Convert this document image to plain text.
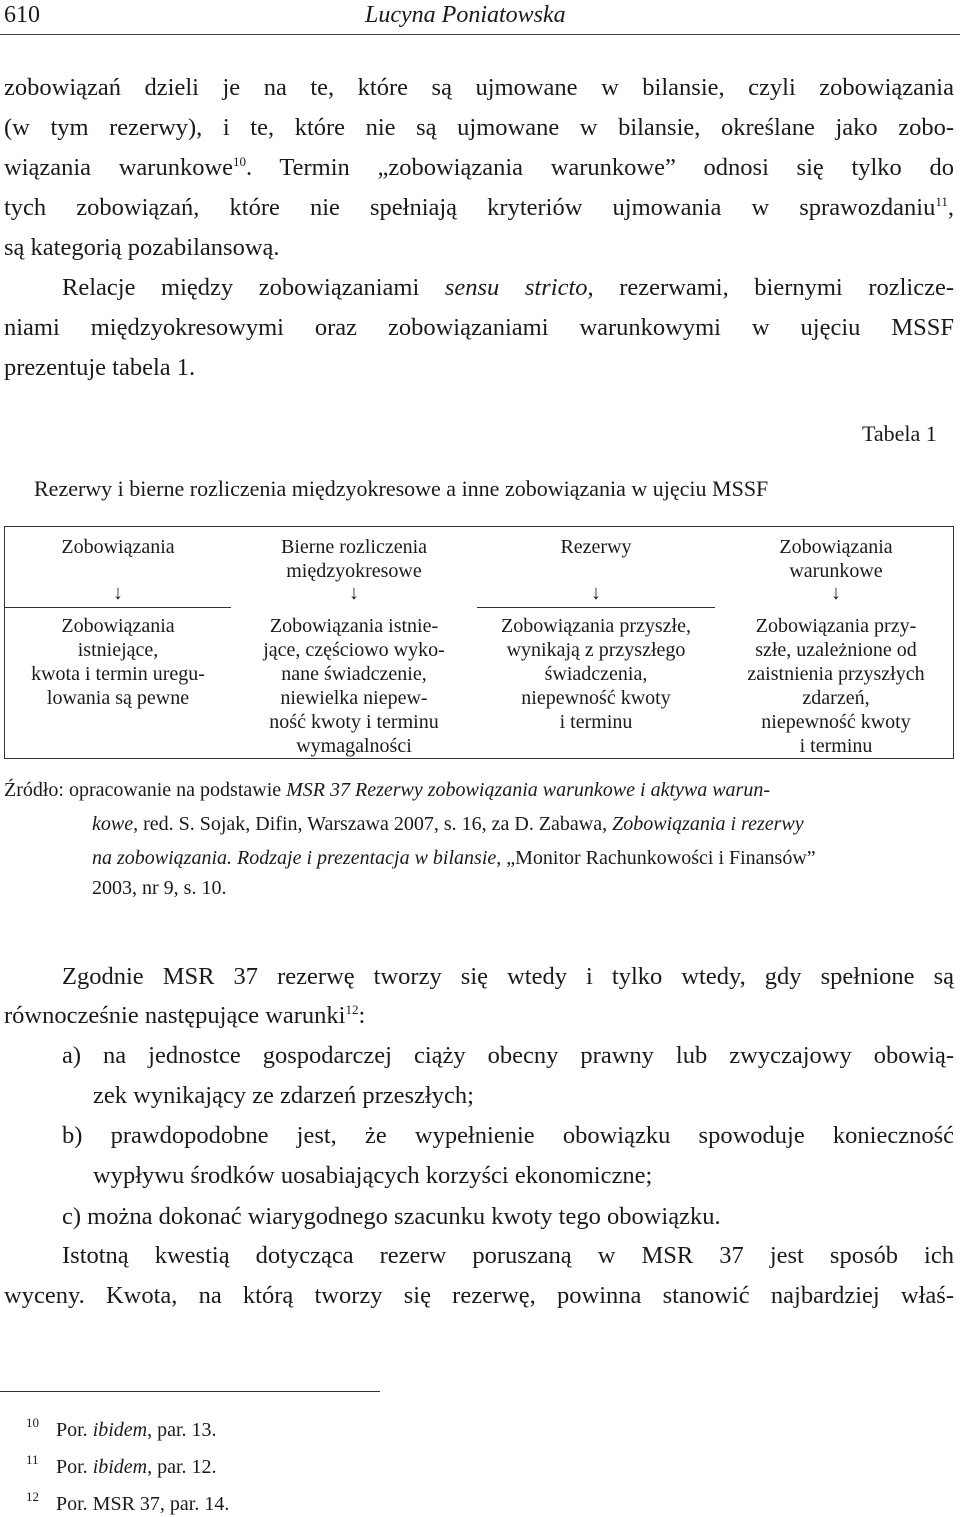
610	Lucyna Poniatowska
zobowiązań dzieli je na te, które są ujmowane w bilansie, czyli zobowiązania
(w tym rezerwy), i te, które nie są ujmowane w bilansie, określane jako zobo-
wiązania warunkowe$^{10}$. Termin „zobowiązania warunkowe” odnosi się tylko do
tych zobowiązań, które nie spełniają kryteriów ujmowania w sprawozdaniu$^{11}$,
są kategorią pozabilansową.
Relacje między zobowiązaniami sensu stricto, rezerwami, biernymi rozlicze-
niami międzyokresowymi oraz zobowiązaniami warunkowymi w ujęciu MSSF
prezentuje tabela 1.
Tabela 1
Rezerwy i bierne rozliczenia międzyokresowe a inne zobowiązania w ujęciu MSSF
Zobowiązania
↓
Zobowiązania
istniejące,
kwota i termin uregu-
lowania są pewne
Bierne rozliczenia
międzyokresowe
↓
Zobowiązania istnie-
jące, częściowo wyko-
nane świadczenie,
niewielka niepew-
ność kwoty i terminu
wymagalności
Rezerwy
↓
Zobowiązania przyszłe,
wynikają z przyszłego
świadczenia,
niepewność kwoty
i terminu
Zobowiązania
warunkowe
↓
Zobowiązania przy-
szłe, uzależnione od
zaistnienia przyszłych
zdarzeń,
niepewność kwoty
i terminu
Źródło: opracowanie na podstawie MSR 37 Rezerwy zobowiązania warunkowe i aktywa warun-
kowe, red. S. Sojak, Difin, Warszawa 2007, s. 16, za D. Zabawa, Zobowiązania i rezerwy
na zobowiązania. Rodzaje i prezentacja w bilansie, „Monitor Rachunkowości i Finansów”
2003, nr 9, s. 10.
Zgodnie MSR 37 rezerwę tworzy się wtedy i tylko wtedy, gdy spełnione są
równocześnie następujące warunki$^{12}$:
a) na jednostce gospodarczej ciąży obecny prawny lub zwyczajowy obowią-
zek wynikający ze zdarzeń przeszłych;
b) prawdopodobne jest, że wypełnienie obowiązku spowoduje konieczność
wypływu środków uosabiających korzyści ekonomiczne;
c) można dokonać wiarygodnego szacunku kwoty tego obowiązku.
Istotną kwestią dotycząca rezerw poruszaną w MSR 37 jest sposób ich
wyceny. Kwota, na którą tworzy się rezerwę, powinna stanowić najbardziej właś-
10 Por. ibidem, par. 13.
11 Por. ibidem, par. 12.
12 Por. MSR 37, par. 14.
